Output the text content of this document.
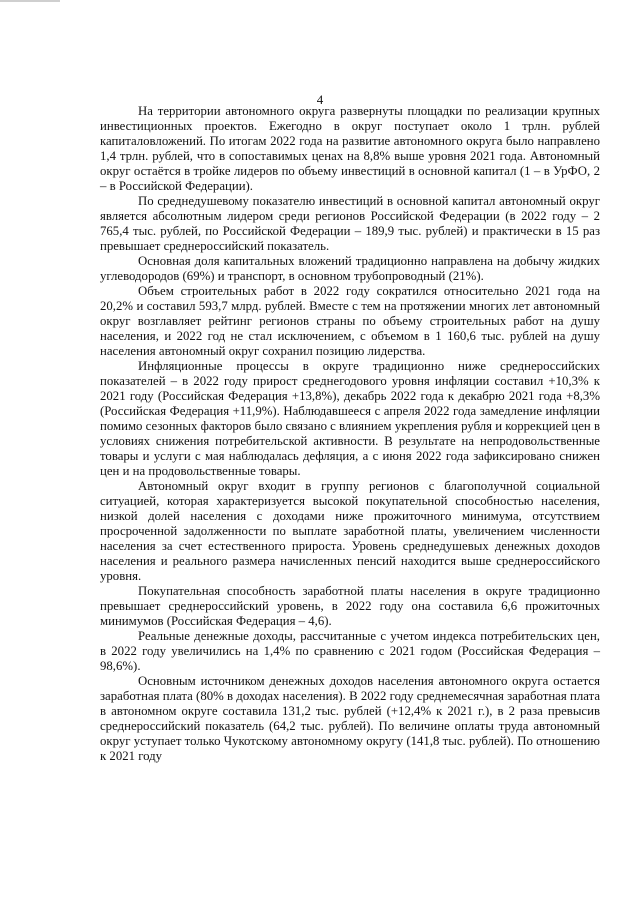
4

На территории автономного округа развернуты площадки по реализации крупных инвестиционных проектов. Ежегодно в округ поступает около 1 трлн. рублей капиталовложений. По итогам 2022 года на развитие автономного округа было направлено 1,4 трлн. рублей, что в сопоставимых ценах на 8,8% выше уровня 2021 года. Автономный округ остаётся в тройке лидеров по объему инвестиций в основной капитал (1 – в УрФО, 2 – в Российской Федерации).

По среднедушевому показателю инвестиций в основной капитал автономный округ является абсолютным лидером среди регионов Российской Федерации (в 2022 году – 2 765,4 тыс. рублей, по Российской Федерации – 189,9 тыс. рублей) и практически в 15 раз превышает среднероссийский показатель.

Основная доля капитальных вложений традиционно направлена на добычу жидких углеводородов (69%) и транспорт, в основном трубопроводный (21%).

Объем строительных работ в 2022 году сократился относительно 2021 года на 20,2% и составил 593,7 млрд. рублей. Вместе с тем на протяжении многих лет автономный округ возглавляет рейтинг регионов страны по объему строительных работ на душу населения, и 2022 год не стал исключением, с объемом в 1 160,6 тыс. рублей на душу населения автономный округ сохранил позицию лидерства.

Инфляционные процессы в округе традиционно ниже среднероссийских показателей – в 2022 году прирост среднегодового уровня инфляции составил +10,3% к 2021 году (Российская Федерация +13,8%), декабрь 2022 года к декабрю 2021 года +8,3% (Российская Федерация +11,9%). Наблюдавшееся с апреля 2022 года замедление инфляции помимо сезонных факторов было связано с влиянием укрепления рубля и коррекцией цен в условиях снижения потребительской активности. В результате на непродовольственные товары и услуги с мая наблюдалась дефляция, а с июня 2022 года зафиксировано снижен цен и на продовольственные товары.

Автономный округ входит в группу регионов с благополучной социальной ситуацией, которая характеризуется высокой покупательной способностью населения, низкой долей населения с доходами ниже прожиточного минимума, отсутствием просроченной задолженности по выплате заработной платы, увеличением численности населения за счет естественного прироста. Уровень среднедушевых денежных доходов населения и реального размера начисленных пенсий находится выше среднероссийского уровня.

Покупательная способность заработной платы населения в округе традиционно превышает среднероссийский уровень, в 2022 году она составила 6,6 прожиточных минимумов (Российская Федерация – 4,6).

Реальные денежные доходы, рассчитанные с учетом индекса потребительских цен, в 2022 году увеличились на 1,4% по сравнению с 2021 годом (Российская Федерация – 98,6%).

Основным источником денежных доходов населения автономного округа остается заработная плата (80% в доходах населения). В 2022 году среднемесячная заработная плата в автономном округе составила 131,2 тыс. рублей (+12,4% к 2021 г.), в 2 раза превысив среднероссийский показатель (64,2 тыс. рублей). По величине оплаты труда автономный округ уступает только Чукотскому автономному округу (141,8 тыс. рублей). По отношению к 2021 году
